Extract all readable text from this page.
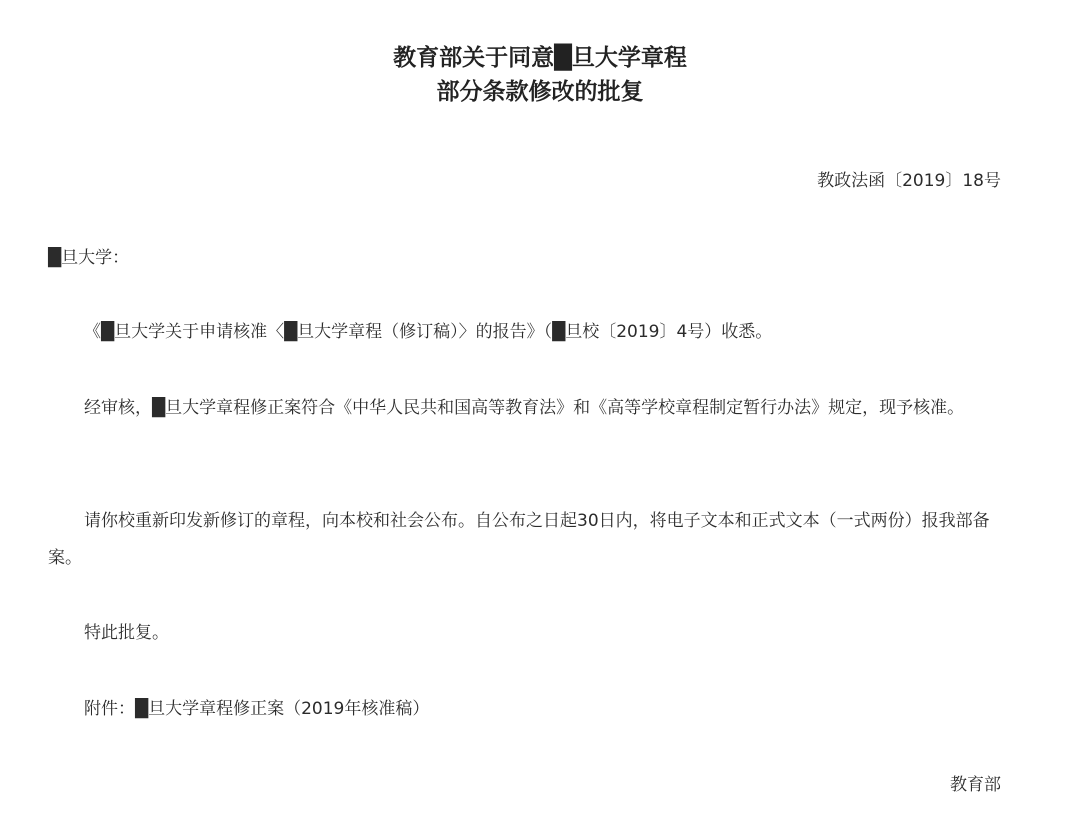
教育部关于同意█旦大学章程
部分条款修改的批复

教政法函〔2019〕18号

█旦大学：

《█旦大学关于申请核准〈█旦大学章程（修订稿）〉的报告》（█旦校〔2019〕4号）收悉。

经审核，█旦大学章程修正案符合《中华人民共和国高等教育法》和《高等学校章程制定暂行办法》规定，现予核准。

请你校重新印发新修订的章程，向本校和社会公布。自公布之日起30日内，将电子文本和正式文本（一式两份）报我部备案。

特此批复。

附件：█旦大学章程修正案（2019年核准稿）

教育部
